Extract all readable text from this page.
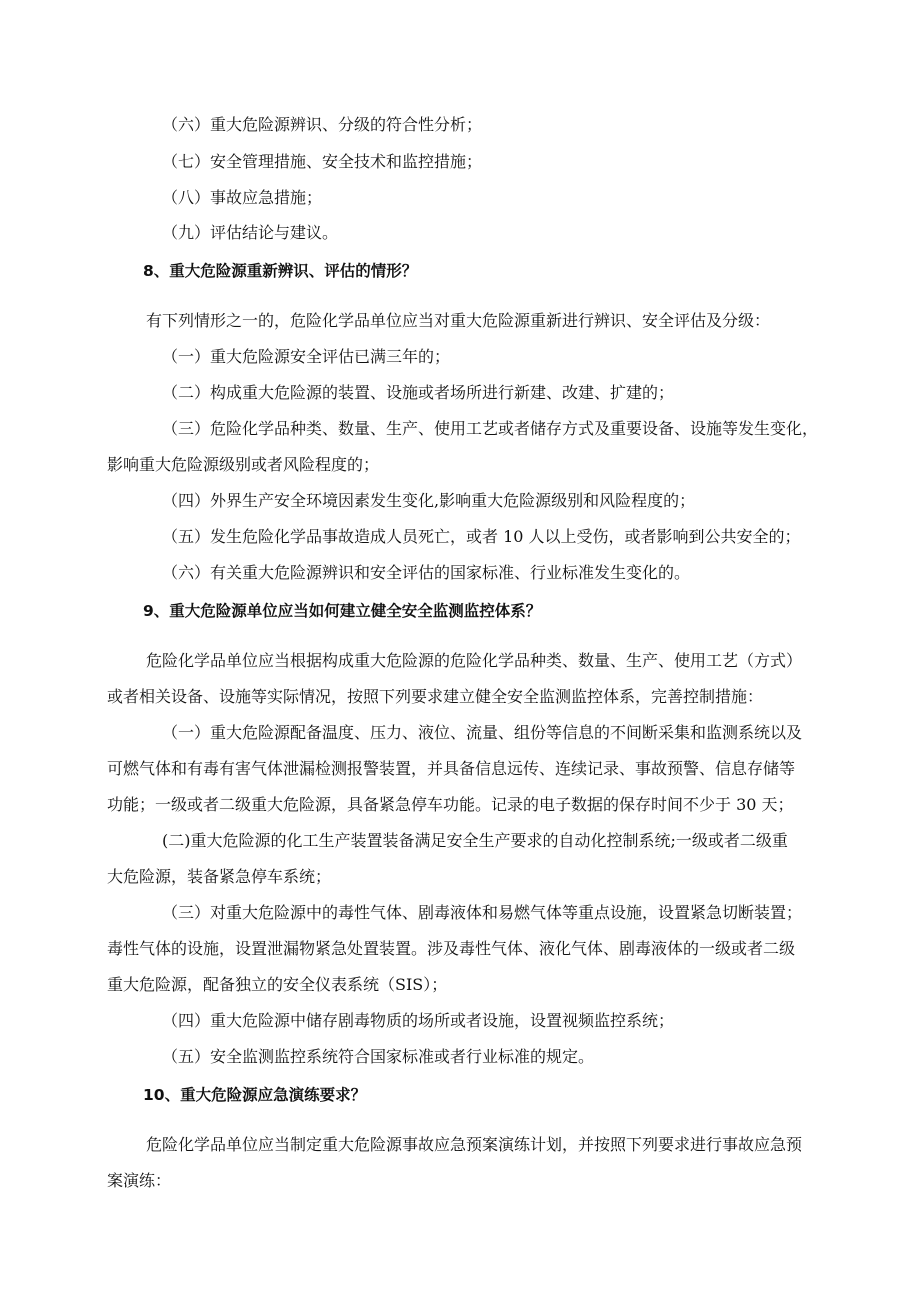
（六）重大危险源辨识、分级的符合性分析；
（七）安全管理措施、安全技术和监控措施；
（八）事故应急措施；
（九）评估结论与建议。
8、重大危险源重新辨识、评估的情形？
有下列情形之一的，危险化学品单位应当对重大危险源重新进行辨识、安全评估及分级：
（一）重大危险源安全评估已满三年的；
（二）构成重大危险源的装置、设施或者场所进行新建、改建、扩建的；
（三）危险化学品种类、数量、生产、使用工艺或者储存方式及重要设备、设施等发生变化，
影响重大危险源级别或者风险程度的；
（四）外界生产安全环境因素发生变化,影响重大危险源级别和风险程度的；
（五）发生危险化学品事故造成人员死亡，或者 10 人以上受伤，或者影响到公共安全的；
（六）有关重大危险源辨识和安全评估的国家标准、行业标准发生变化的。
9、重大危险源单位应当如何建立健全安全监测监控体系？
危险化学品单位应当根据构成重大危险源的危险化学品种类、数量、生产、使用工艺（方式）
或者相关设备、设施等实际情况，按照下列要求建立健全安全监测监控体系，完善控制措施：
（一）重大危险源配备温度、压力、液位、流量、组份等信息的不间断采集和监测系统以及
可燃气体和有毒有害气体泄漏检测报警装置，并具备信息远传、连续记录、事故预警、信息存储等
功能；一级或者二级重大危险源，具备紧急停车功能。记录的电子数据的保存时间不少于 30 天；
(二)重大危险源的化工生产装置装备满足安全生产要求的自动化控制系统;一级或者二级重
大危险源，装备紧急停车系统；
（三）对重大危险源中的毒性气体、剧毒液体和易燃气体等重点设施，设置紧急切断装置；
毒性气体的设施，设置泄漏物紧急处置装置。涉及毒性气体、液化气体、剧毒液体的一级或者二级
重大危险源，配备独立的安全仪表系统（SIS）；
（四）重大危险源中储存剧毒物质的场所或者设施，设置视频监控系统；
（五）安全监测监控系统符合国家标准或者行业标准的规定。
10、重大危险源应急演练要求？
危险化学品单位应当制定重大危险源事故应急预案演练计划，并按照下列要求进行事故应急预
案演练：
